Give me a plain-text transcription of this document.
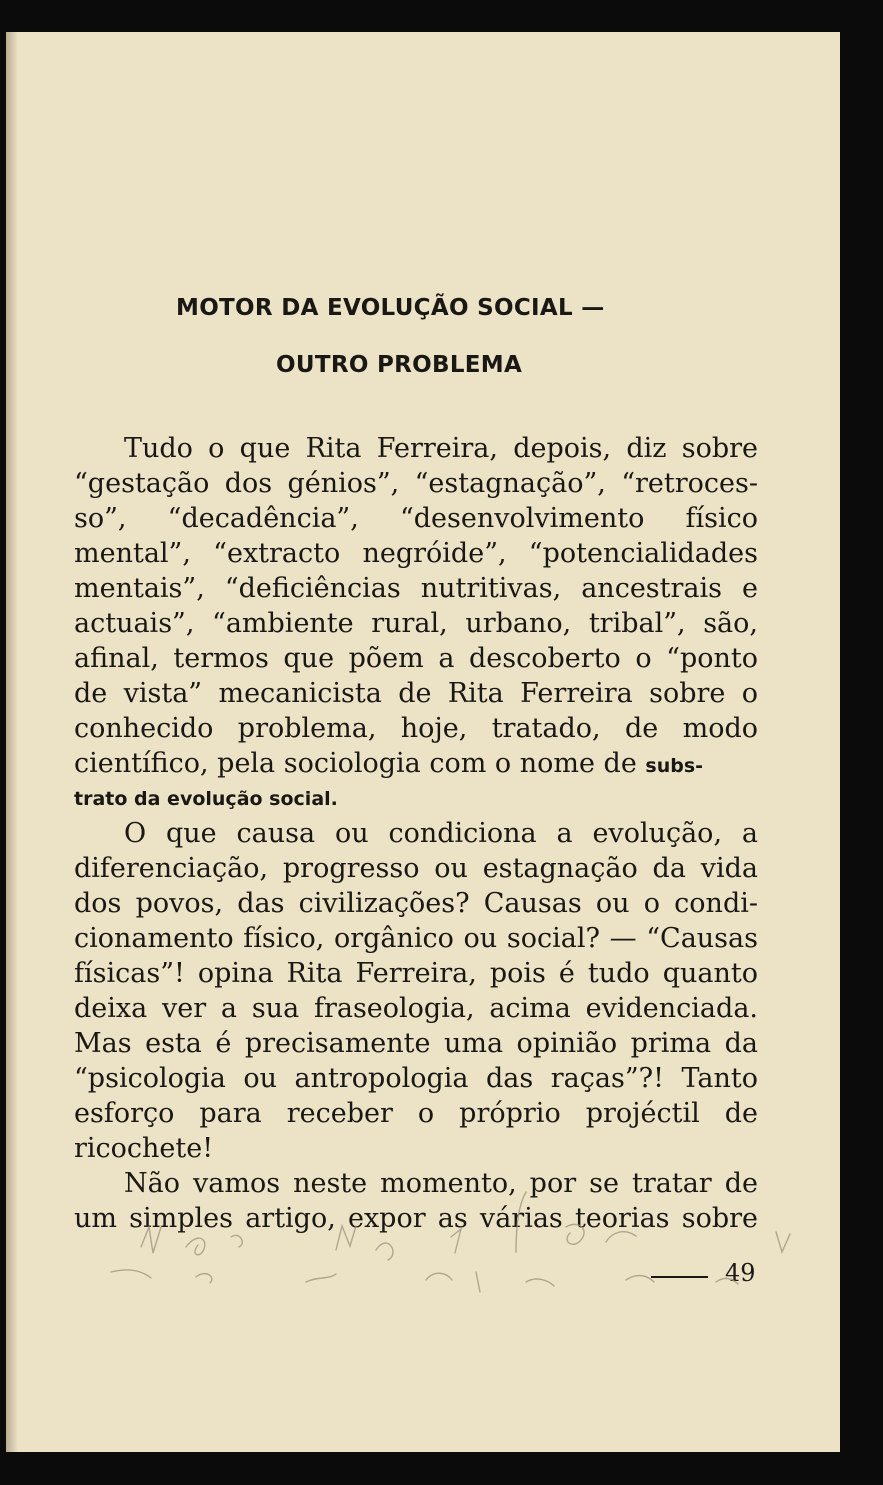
MOTOR DA EVOLUÇÃO SOCIAL —
OUTRO PROBLEMA
Tudo o que Rita Ferreira, depois, diz sobre
“gestação dos génios”, “estagnação”, “retroces-
so”, “decadência”, “desenvolvimento físico
mental”, “extracto negróide”, “potencialidades
mentais”, “deficiências nutritivas, ancestrais e
actuais”, “ambiente rural, urbano, tribal”, são,
afinal, termos que põem a descoberto o “ponto
de vista” mecanicista de Rita Ferreira sobre o
conhecido problema, hoje, tratado, de modo
científico, pela sociologia com o nome de subs-
trato da evolução social.
O que causa ou condiciona a evolução, a
diferenciação, progresso ou estagnação da vida
dos povos, das civilizações? Causas ou o condi-
cionamento físico, orgânico ou social? — “Causas
físicas”! opina Rita Ferreira, pois é tudo quanto
deixa ver a sua fraseologia, acima evidenciada.
Mas esta é precisamente uma opinião prima da
“psicologia ou antropologia das raças”?! Tanto
esforço para receber o próprio projéctil de
ricochete!
Não vamos neste momento, por se tratar de
um simples artigo, expor as várias teorias sobre
49
